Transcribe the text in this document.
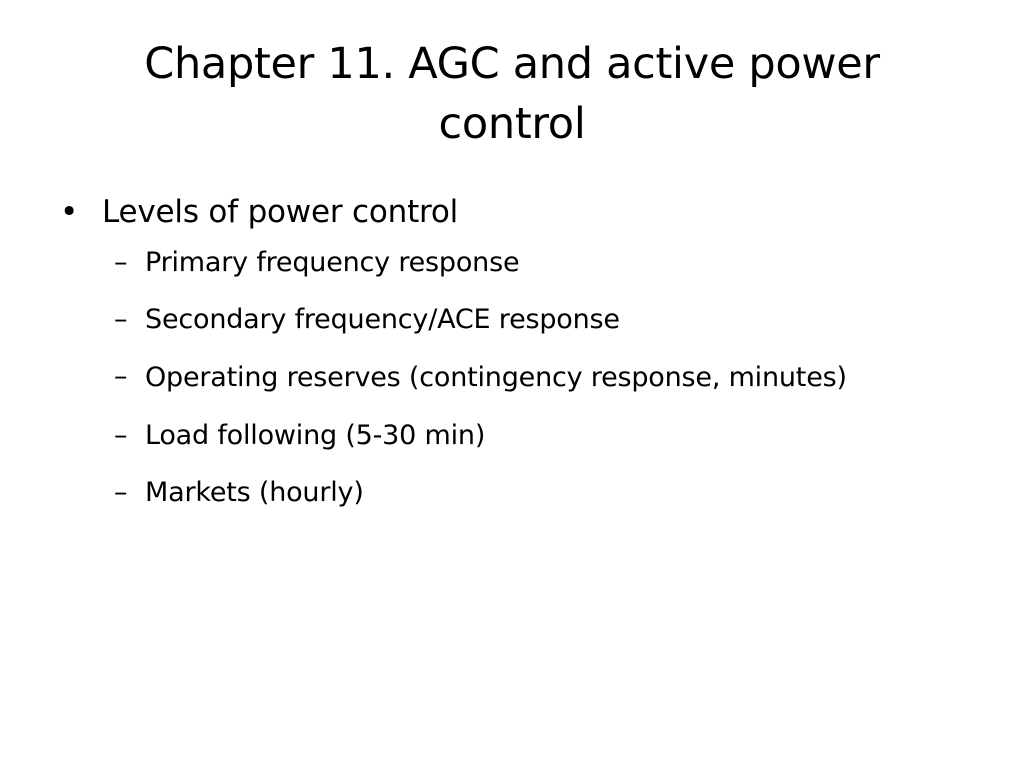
Chapter 11. AGC and active power control
• Levels of power control
– Primary frequency response
– Secondary frequency/ACE response
– Operating reserves (contingency response, minutes)
– Load following (5-30 min)
– Markets (hourly)
